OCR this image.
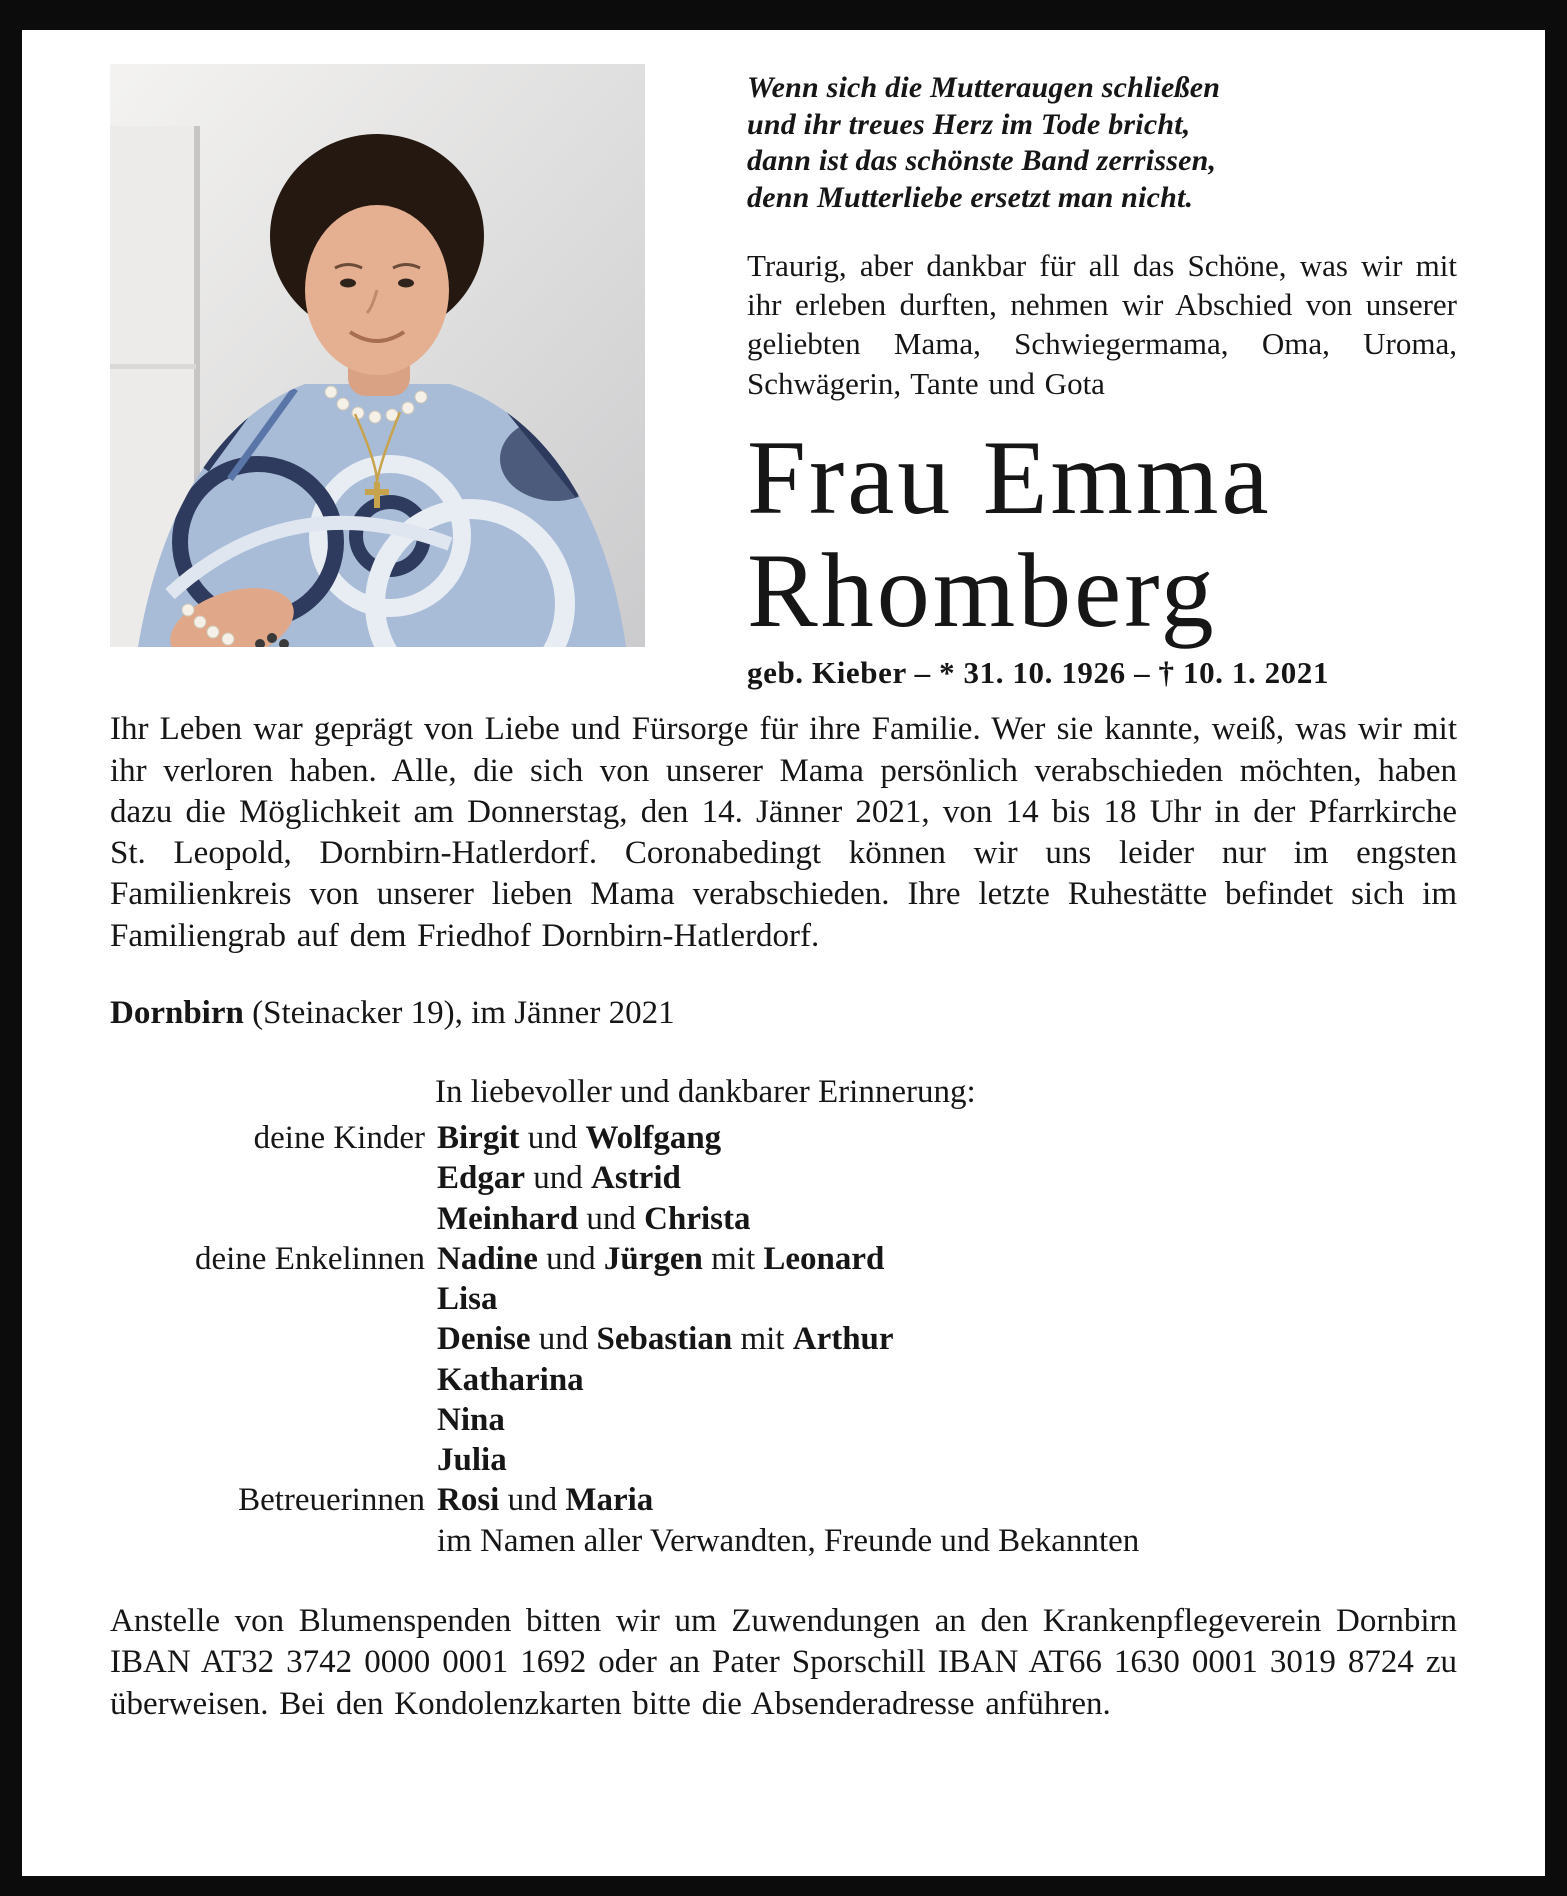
Wenn sich die Mutteraugen schließen
und ihr treues Herz im Tode bricht,
dann ist das schönste Band zerrissen,
denn Mutterliebe ersetzt man nicht.

Traurig, aber dankbar für all das Schöne, was wir mit ihr erleben durften, nehmen wir Abschied von unserer geliebten Mama, Schwiegermama, Oma, Uroma, Schwägerin, Tante und Gota

Frau Emma
Rhomberg
geb. Kieber – * 31. 10. 1926 – † 10. 1. 2021

Ihr Leben war geprägt von Liebe und Fürsorge für ihre Familie. Wer sie kannte, weiß, was wir mit ihr verloren haben. Alle, die sich von unserer Mama persönlich verabschieden möchten, haben dazu die Möglichkeit am Donnerstag, den 14. Jänner 2021, von 14 bis 18 Uhr in der Pfarrkirche St. Leopold, Dornbirn-Hatlerdorf. Coronabedingt können wir uns leider nur im engsten Familienkreis von unserer lieben Mama verabschieden. Ihre letzte Ruhestätte befindet sich im Familiengrab auf dem Friedhof Dornbirn-Hatlerdorf.

Dornbirn (Steinacker 19), im Jänner 2021

In liebevoller und dankbarer Erinnerung:
deine Kinder Birgit und Wolfgang
Edgar und Astrid
Meinhard und Christa
deine Enkelinnen Nadine und Jürgen mit Leonard
Lisa
Denise und Sebastian mit Arthur
Katharina
Nina
Julia
Betreuerinnen Rosi und Maria
im Namen aller Verwandten, Freunde und Bekannten

Anstelle von Blumenspenden bitten wir um Zuwendungen an den Krankenpflegeverein Dornbirn IBAN AT32 3742 0000 0001 1692 oder an Pater Sporschill IBAN AT66 1630 0001 3019 8724 zu überweisen. Bei den Kondolenzkarten bitte die Absenderadresse anführen.
